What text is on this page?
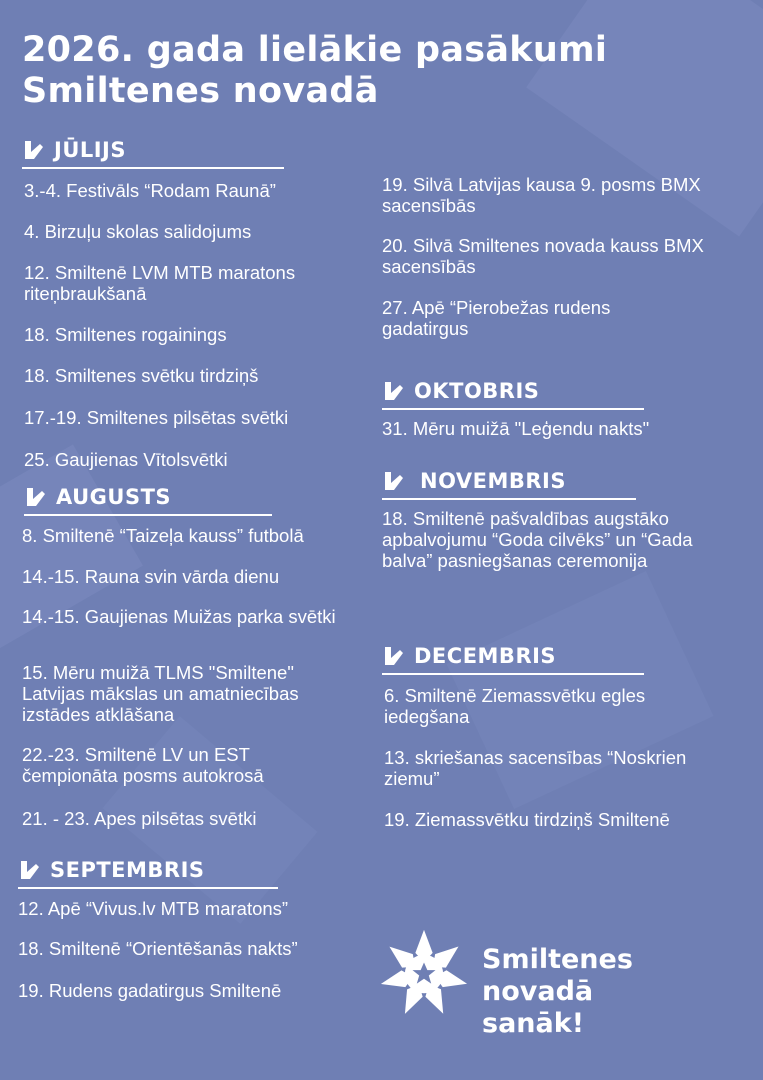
2026. gada lielākie pasākumi
Smiltenes novadā
JŪLIJS
3.-4. Festivāls “Rodam Raunā”
4. Birzuļu skolas salidojums
12. Smiltenē LVM MTB maratons riteņbraukšanā
18. Smiltenes rogainings
18. Smiltenes svētku tirdziņš
17.-19. Smiltenes pilsētas svētki
25. Gaujienas Vītolsvētki
AUGUSTS
8. Smiltenē “Taizeļa kauss” futbolā
14.-15. Rauna svin vārda dienu
14.-15. Gaujienas Muižas parka svētki
15. Mēru muižā TLMS "Smiltene" Latvijas mākslas un amatniecības izstādes atklāšana
22.-23. Smiltenē LV un EST čempionāta posms autokrosā
21. - 23. Apes pilsētas svētki
SEPTEMBRIS
12. Apē “Vivus.lv MTB maratons”
18. Smiltenē “Orientēšanās nakts”
19. Rudens gadatirgus Smiltenē
19. Silvā Latvijas kausa 9. posms BMX sacensībās
20. Silvā Smiltenes novada kauss BMX sacensībās
27. Apē “Pierobežas rudens gadatirgus
OKTOBRIS
31. Mēru muižā "Leģendu nakts"
NOVEMBRIS
18. Smiltenē pašvaldības augstāko apbalvojumu “Goda cilvēks” un “Gada balva” pasniegšanas ceremonija
DECEMBRIS
6. Smiltenē Ziemassvētku egles iedegšana
13. skriešanas sacensības “Noskrien ziemu”
19. Ziemassvētku tirdziņš Smiltenē
Smiltenes novadā
sanāk!
